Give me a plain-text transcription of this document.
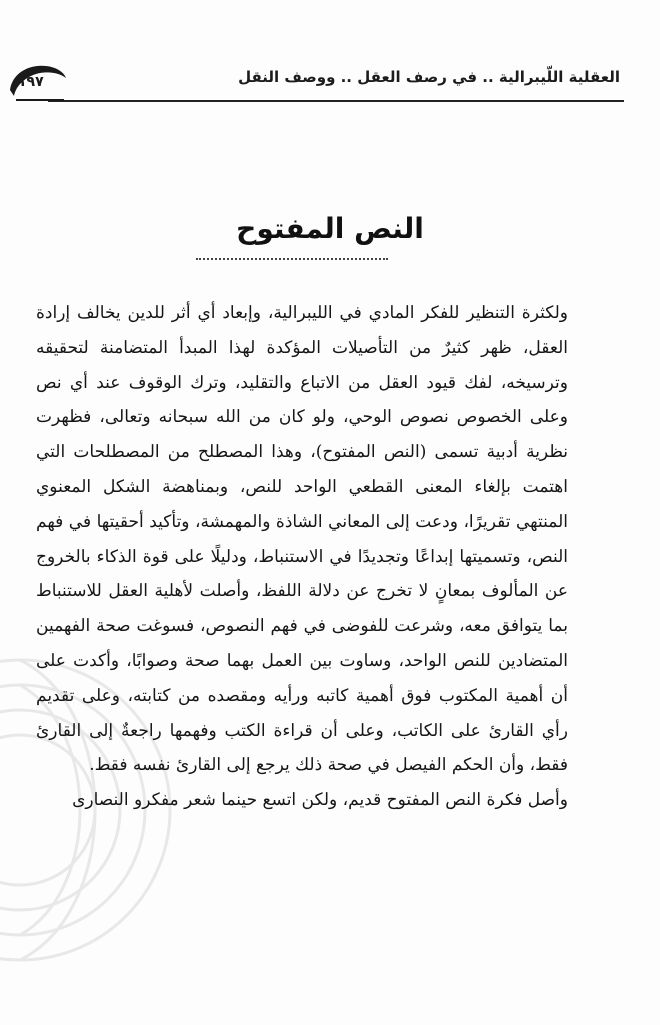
العقلية اللّيبرالية .. في رصف العقل .. ووصف النقل
١٩٧
النص المفتوح

ولكثرة التنظير للفكر المادي في الليبرالية، وإبعاد أي أثر للدين يخالف إرادة العقل، ظهر كثيرٌ من التأصيلات المؤكدة لهذا المبدأ المتضامنة لتحقيقه وترسيخه، لفك قيود العقل من الاتباع والتقليد، وترك الوقوف عند أي نص وعلى الخصوص نصوص الوحي، ولو كان من الله سبحانه وتعالى، فظهرت نظرية أدبية تسمى (النص المفتوح)، وهذا المصطلح من المصطلحات التي اهتمت بإلغاء المعنى القطعي الواحد للنص، وبمناهضة الشكل المعنوي المنتهي تقريرًا، ودعت إلى المعاني الشاذة والمهمشة، وتأكيد أحقيتها في فهم النص، وتسميتها إبداعًا وتجديدًا في الاستنباط، ودليلًا على قوة الذكاء بالخروج عن المألوف بمعانٍ لا تخرج عن دلالة اللفظ، وأصلت لأهلية العقل للاستنباط بما يتوافق معه، وشرعت للفوضى في فهم النصوص، فسوغت صحة الفهمين المتضادين للنص الواحد، وساوت بين العمل بهما صحة وصوابًا، وأكدت على أن أهمية المكتوب فوق أهمية كاتبه ورأيه ومقصده من كتابته، وعلى تقديم رأي القارئ على الكاتب، وعلى أن قراءة الكتب وفهمها راجعةٌ إلى القارئ فقط، وأن الحكم الفيصل في صحة ذلك يرجع إلى القارئ نفسه فقط.

وأصل فكرة النص المفتوح قديم، ولكن اتسع حينما شعر مفكرو النصارى
